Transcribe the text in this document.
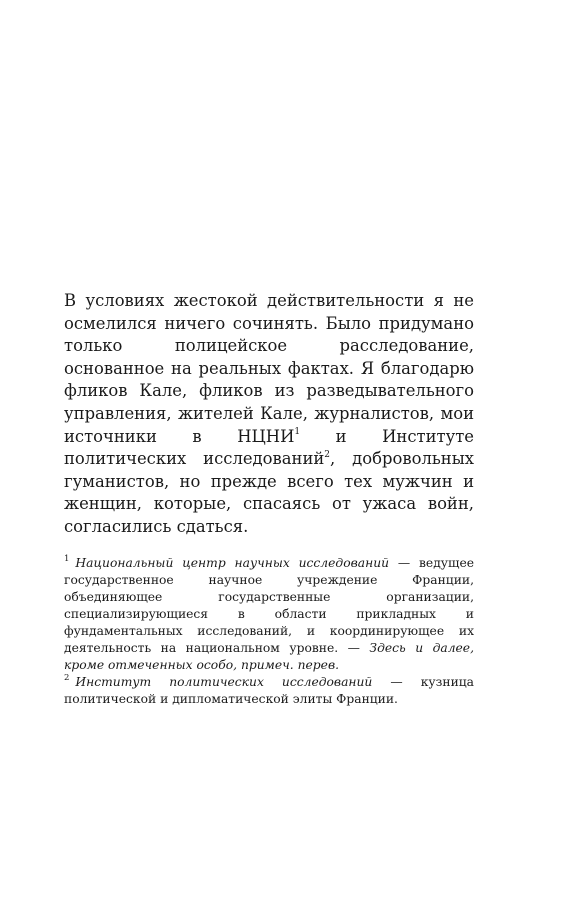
В условиях жестокой действительности я не осмелился ничего сочинять. Было придумано только полицейское расследование, основанное на реальных фактах. Я благодарю фликов Кале, фликов из разведывательного управления, жителей Кале, журналистов, мои источники в НЦНИ$^1$ и Институте политических исследований$^2$, добровольных гуманистов, но прежде всего тех мужчин и женщин, которые, спасаясь от ужаса войн, согласились сдаться.

$^1$ Национальный центр научных исследований — ведущее государственное научное учреждение Франции, объединяющее государственные организации, специализирующиеся в области прикладных и фундаментальных исследований, и координирующее их деятельность на национальном уровне. — Здесь и далее, кроме отмеченных особо, примеч. перев.

$^2$ Институт политических исследований — кузница политической и дипломатической элиты Франции.
